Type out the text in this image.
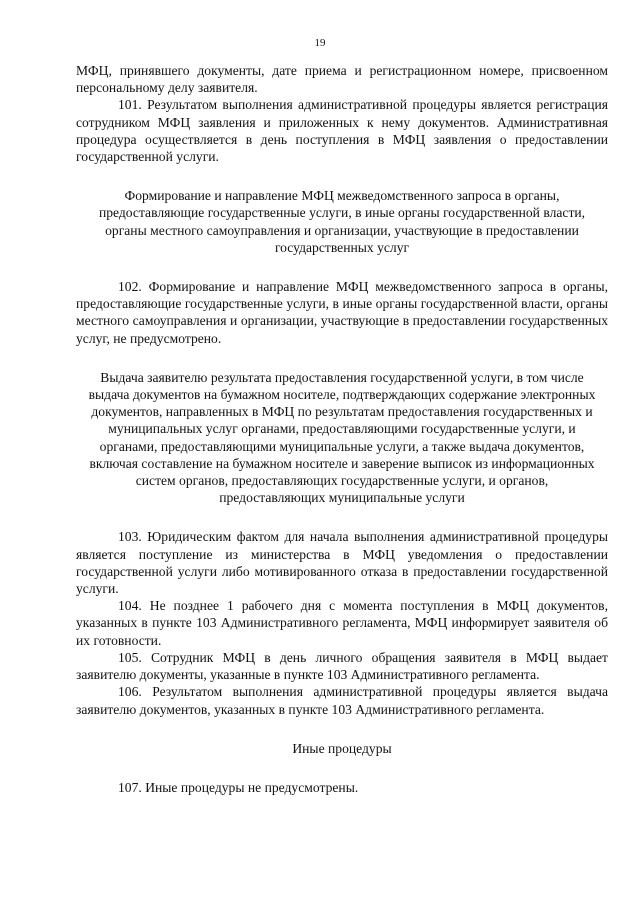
19

МФЦ, принявшего документы, дате приема и регистрационном номере, присвоенном персональному делу заявителя.

101. Результатом выполнения административной процедуры является регистрация сотрудником МФЦ заявления и приложенных к нему документов. Административная процедура осуществляется в день поступления в МФЦ заявления о предоставлении государственной услуги.

Формирование и направление МФЦ межведомственного запроса в органы, предоставляющие государственные услуги, в иные органы государственной власти, органы местного самоуправления и организации, участвующие в предоставлении государственных услуг

102. Формирование и направление МФЦ межведомственного запроса в органы, предоставляющие государственные услуги, в иные органы государственной власти, органы местного самоуправления и организации, участвующие в предоставлении государственных услуг, не предусмотрено.

Выдача заявителю результата предоставления государственной услуги, в том числе выдача документов на бумажном носителе, подтверждающих содержание электронных документов, направленных в МФЦ по результатам предоставления государственных и муниципальных услуг органами, предоставляющими государственные услуги, и органами, предоставляющими муниципальные услуги, а также выдача документов, включая составление на бумажном носителе и заверение выписок из информационных систем органов, предоставляющих государственные услуги, и органов, предоставляющих муниципальные услуги

103. Юридическим фактом для начала выполнения административной процедуры является поступление из министерства в МФЦ уведомления о предоставлении государственной услуги либо мотивированного отказа в предоставлении государственной услуги.

104. Не позднее 1 рабочего дня с момента поступления в МФЦ документов, указанных в пункте 103 Административного регламента, МФЦ информирует заявителя об их готовности.

105. Сотрудник МФЦ в день личного обращения заявителя в МФЦ выдает заявителю документы, указанные в пункте 103 Административного регламента.

106. Результатом выполнения административной процедуры является выдача заявителю документов, указанных в пункте 103 Административного регламента.

Иные процедуры

107. Иные процедуры не предусмотрены.
